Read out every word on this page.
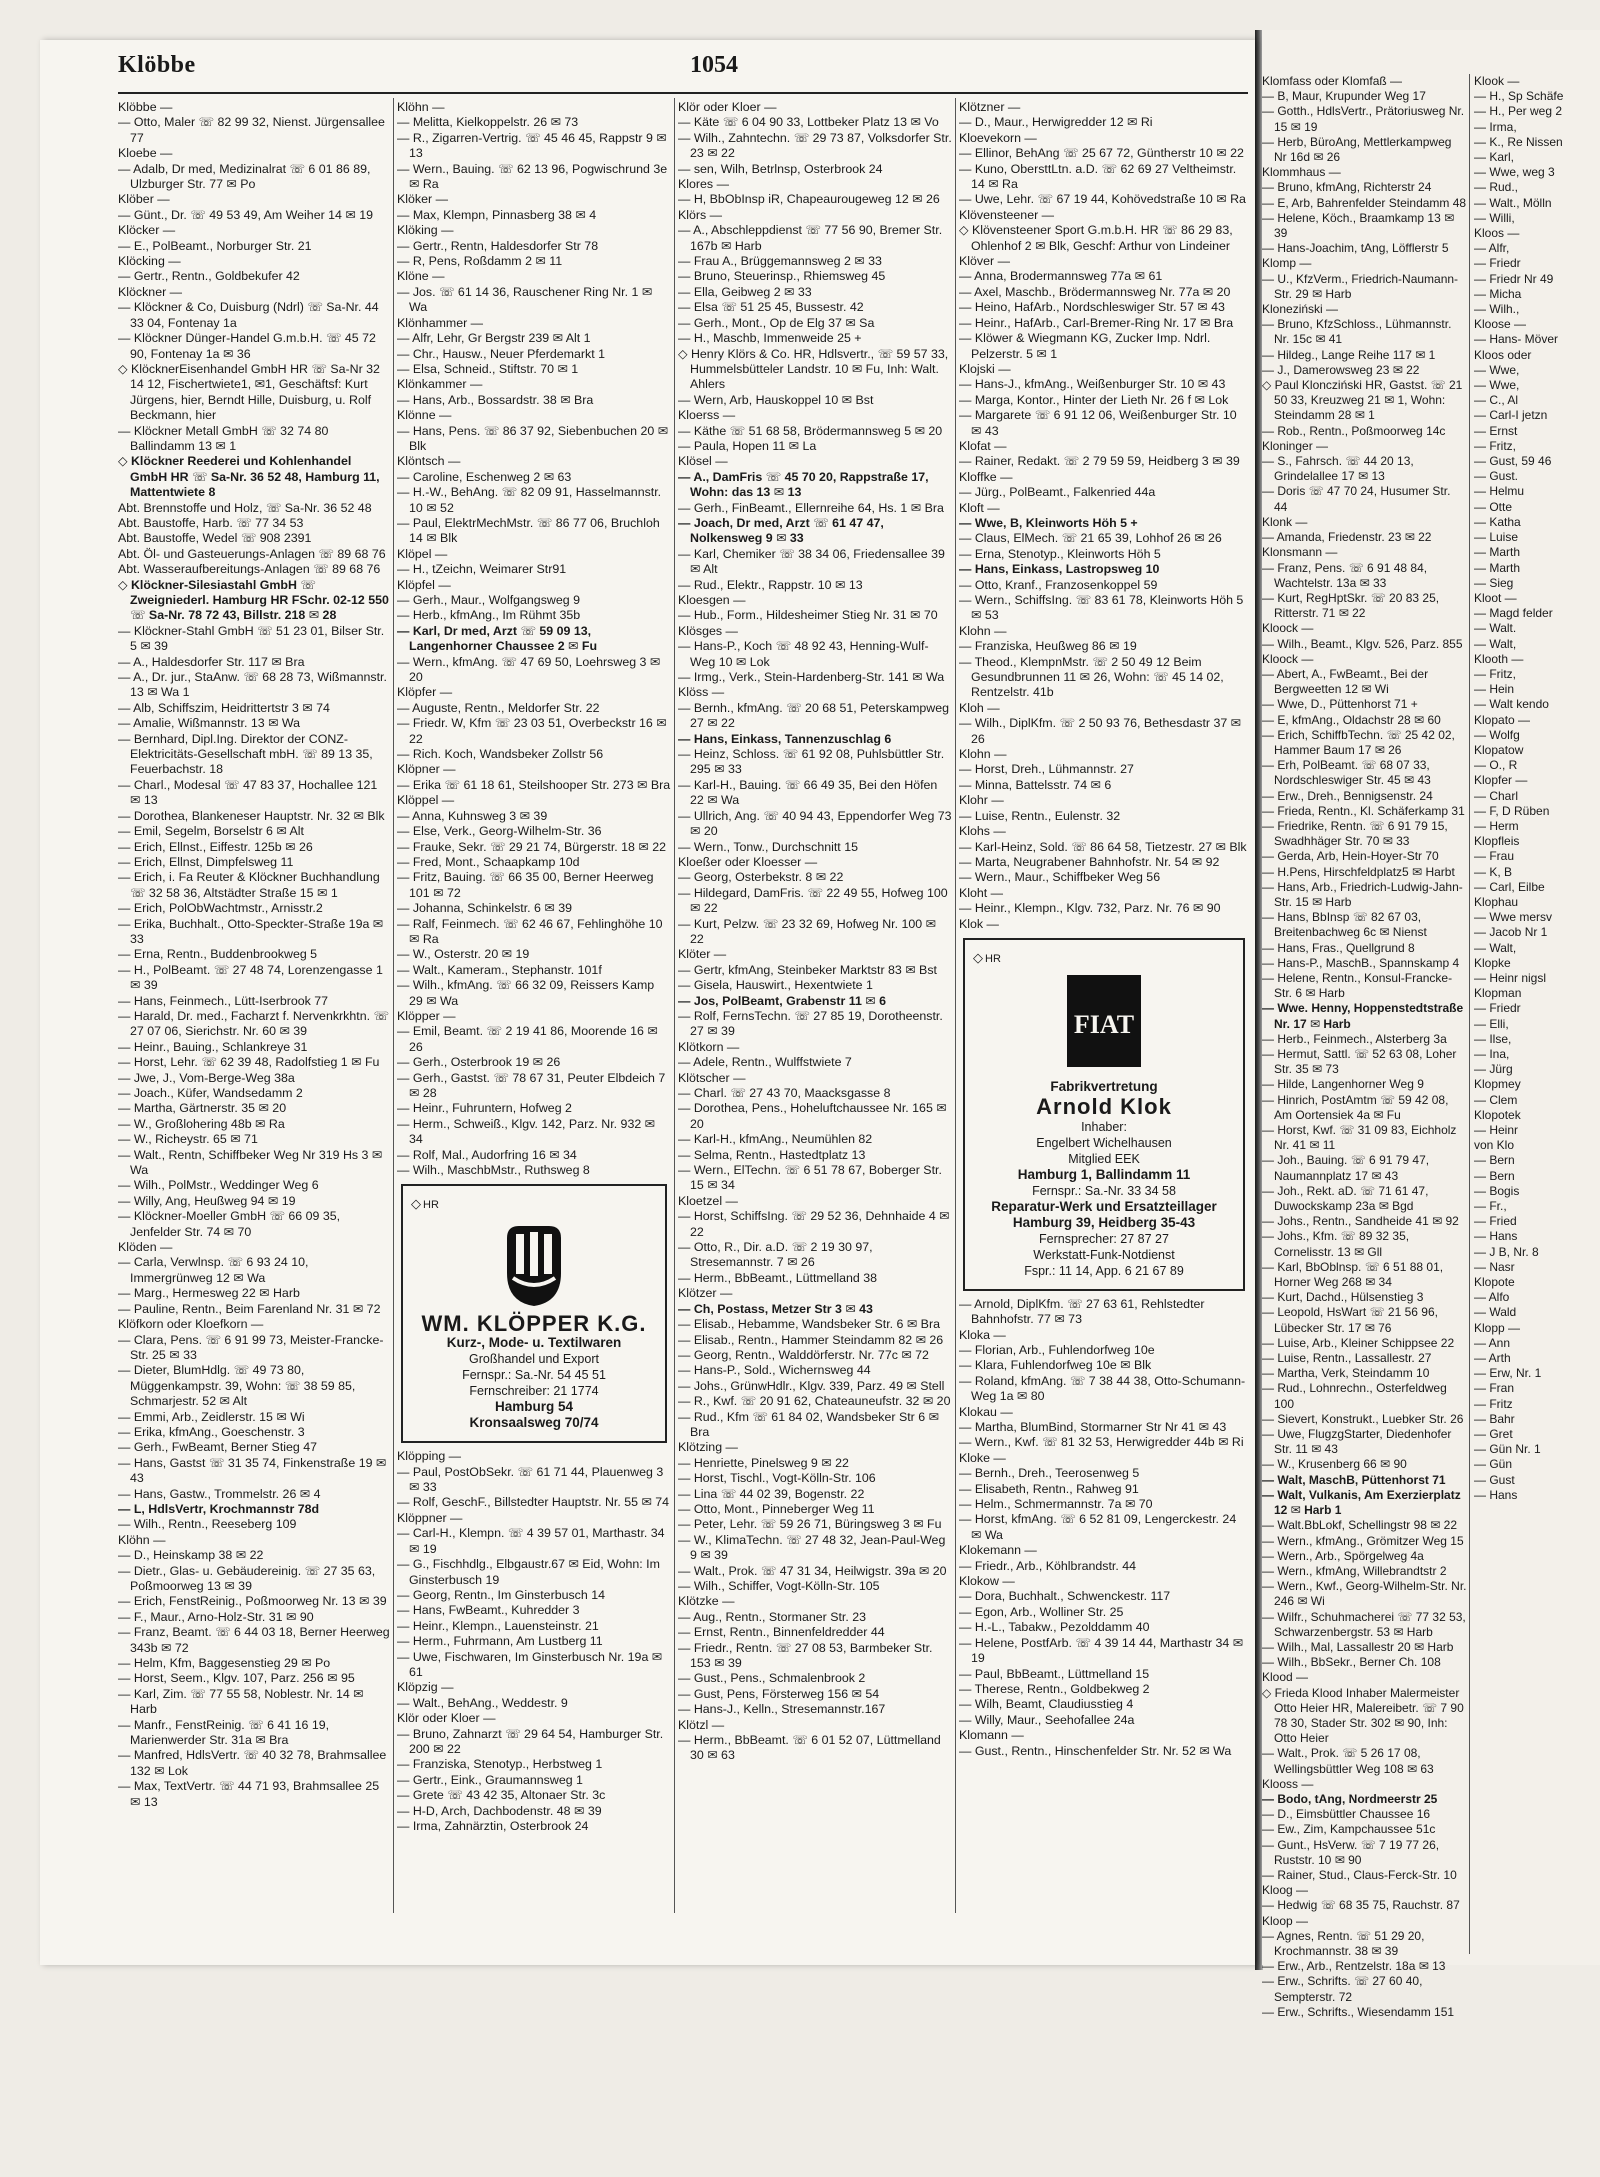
Klomfass oder Klomfaß —

— B, Maur, Krupunder Weg 17

— Gotth., HdlsVertr., Prätoriusweg Nr. 15 ✉ 19

— Herb, BüroAng, Mettlerkampweg Nr 16d ✉ 26

Klommhaus —

— Bruno, kfmAng, Richterstr 24

— E, Arb, Bahrenfelder Steindamm 48

— Helene, Köch., Braamkamp 13 ✉ 39

— Hans-Joachim, tAng, Löfflerstr 5

Klomp —

— U., KfzVerm., Friedrich-Naumann-Str. 29 ✉ Harb

Kloneziński —

— Bruno, KfzSchloss., Lühmannstr. Nr. 15c ✉ 41

— Hildeg., Lange Reihe 117 ✉ 1

— J., Damerowsweg 23 ✉ 22

◇ Paul Kloncziński HR, Gastst. ☏ 21 50 33, Kreuzweg 21 ✉ 1, Wohn: Steindamm 28 ✉ 1

— Rob., Rentn., Poßmoorweg 14c

Kloninger —

— S., Fahrsch. ☏ 44 20 13, Grindelallee 17 ✉ 13

— Doris ☏ 47 70 24, Husumer Str. 44

Klonk —

— Amanda, Friedenstr. 23 ✉ 22

Klonsmann —

— Franz, Pens. ☏ 6 91 48 84, Wachtelstr. 13a ✉ 33

— Kurt, RegHptSkr. ☏ 20 83 25, Ritterstr. 71 ✉ 22

Kloock —

— Wilh., Beamt., Klgv. 526, Parz. 855

Kloock —

— Abert, A., FwBeamt., Bei der Bergweetten 12 ✉ Wi

— Wwe, D., Püttenhorst 71 +

— E, kfmAng., Oldachstr 28 ✉ 60

— Erich, SchiffbTechn. ☏ 25 42 02, Hammer Baum 17 ✉ 26

— Erh, PolBeamt. ☏ 68 07 33, Nordschleswiger Str. 45 ✉ 43

— Erw., Dreh., Bennigsenstr. 24

— Frieda, Rentn., Kl. Schäferkamp 31

— Friedrike, Rentn. ☏ 6 91 79 15, Swadhhäger Str. 70 ✉ 33

— Gerda, Arb, Hein-Hoyer-Str 70

— H.Pens, Hirschfeldplatz5 ✉ Harbt

— Hans, Arb., Friedrich-Ludwig-Jahn-Str. 15 ✉ Harb

— Hans, BbInsp ☏ 82 67 03, Breitenbachweg 6c ✉ Nienst

— Hans, Fras., Quellgrund 8

— Hans-P., MaschB., Spannskamp 4

— Helene, Rentn., Konsul-Francke-Str. 6 ✉ Harb

— Wwe. Henny, Hoppenstedtstraße Nr. 17 ✉ Harb

— Herb., Feinmech., Alsterberg 3a

— Hermut, Sattl. ☏ 52 63 08, Loher Str. 35 ✉ 73

— Hilde, Langenhorner Weg 9

— Hinrich, PostAmtm ☏ 59 42 08, Am Oortensiek 4a ✉ Fu

— Horst, Kwf. ☏ 31 09 83, Eichholz Nr. 41 ✉ 11

— Joh., Bauing. ☏ 6 91 79 47, Naumannplatz 17 ✉ 43

— Joh., Rekt. aD. ☏ 71 61 47, Duwockskamp 23a ✉ Bgd

— Johs., Rentn., Sandheide 41 ✉ 92

— Johs., Kfm. ☏ 89 32 35, Cornelisstr. 13 ✉ Gll

— Karl, BbOblnsp. ☏ 6 51 88 01, Horner Weg 268 ✉ 34

— Kurt, Dachd., Hülsenstieg 3

— Leopold, HsWart ☏ 21 56 96, Lübecker Str. 17 ✉ 76

— Luise, Arb., Kleiner Schippsee 22

— Luise, Rentn., Lassallestr. 27

— Martha, Verk, Steindamm 10

— Rud., Lohnrechn., Osterfeldweg 100

— Sievert, Konstrukt., Luebker Str. 26

— Uwe, FlugzgStarter, Diedenhofer Str. 11 ✉ 43

— W., Krusenberg 66 ✉ 90

— Walt, MaschB, Püttenhorst 71

— Walt, Vulkanis, Am Exerzierplatz 12 ✉ Harb 1

— Walt.BbLokf, Schellingstr 98 ✉ 22

— Wern., kfmAng., Grömitzer Weg 15

— Wern., Arb., Spörgelweg 4a

— Wern., kfmAng, Willebrandtstr 2

— Wern., Kwf., Georg-Wilhelm-Str. Nr. 246 ✉ Wi

— Wilfr., Schuhmacherei ☏ 77 32 53, Schwarzenbergstr. 53 ✉ Harb

— Wilh., Mal, Lassallestr 20 ✉ Harb

— Wilh., BbSekr., Berner Ch. 108

Klood —

◇ Frieda Klood Inhaber Malermeister Otto Heier HR, Malereibetr. ☏ 7 90 78 30, Stader Str. 302 ✉ 90, Inh: Otto Heier

— Walt., Prok. ☏ 5 26 17 08, Wellingsbüttler Weg 108 ✉ 63

Klooss —

— Bodo, tAng, Nordmeerstr 25

— D., Eimsbüttler Chaussee 16

— Ew., Zim, Kampchaussee 51c

— Gunt., HsVerw. ☏ 7 19 77 26, Ruststr. 10 ✉ 90

— Rainer, Stud., Claus-Ferck-Str. 10

Kloog —

— Hedwig ☏ 68 35 75, Rauchstr. 87

Kloop —

— Agnes, Rentn. ☏ 51 29 20, Krochmannstr. 38 ✉ 39

— Erw., Arb., Rentzelstr. 18a ✉ 13

— Erw., Schrifts. ☏ 27 60 40, Sempterstr. 72

— Erw., Schrifts., Wiesendamm 151

Klook —

— H., Sp Schäfe

— H., Per weg 2

— Irma,

— K., Re Nissen

— Karl,

— Wwe, weg 3

— Rud.,

— Walt., Mölln

— Willi,

Kloos —

— Alfr,

— Friedr

— Friedr Nr 49

— Micha

— Wilh.,

Kloose —

— Hans- Möver

Kloos oder

— Wwe,

— Wwe,

— C., Al

— Carl-I jetzn

— Ernst

— Fritz,

— Gust, 59 46

— Gust.

— Helmu

— Otte

— Katha

— Luise

— Marth

— Marth

— Sieg

Kloot —

— Magd felder

— Walt.

— Walt,

Klooth —

— Fritz,

— Hein

— Walt kendo

Klopato —

— Wolfg

Klopatow

— O., R

Klopfer —

— Charl

— F, D Rüben

— Herm

Klopfleis

— Frau

— K, B

— Carl, Eilbe

Klophau

— Wwe mersv

— Jacob Nr 1

— Walt,

Klopke

— Heinr nigsl

Klopman

— Friedr

— Elli,

— Ilse,

— Ina,

— Jürg

Klopmey

— Clem

Klopotek

— Heinr

von Klo

— Bern

— Bern

— Bogis

— Fr.,

— Fried

— Hans

— J B, Nr. 8

— Nasr

Klopote

— Alfo

— Wald

Klopp —

— Ann

— Arth

— Erw, Nr. 1

— Fran

— Fritz

— Bahr

— Gret

— Gün Nr. 1

— Gün

— Gust

— Hans

Klöbbe	1054

Klöbbe —

— Otto, Maler ☏ 82 99 32, Nienst. Jürgensallee 77

Kloebe —

— Adalb, Dr med, Medizinalrat ☏ 6 01 86 89, Ulzburger Str. 77 ✉ Po

Klöber —

— Günt., Dr. ☏ 49 53 49, Am Weiher 14 ✉ 19

Klöcker —

— E., PolBeamt., Norburger Str. 21

Klöcking —

— Gertr., Rentn., Goldbekufer 42

Klöckner —

— Klöckner & Co, Duisburg (Ndrl) ☏ Sa-Nr. 44 33 04, Fontenay 1a

— Klöckner Dünger-Handel G.m.b.H. ☏ 45 72 90, Fontenay 1a ✉ 36

◇ KlöcknerEisenhandel GmbH HR ☏ Sa-Nr 32 14 12, Fischertwiete1, ✉1, Geschäftsf: Kurt Jürgens, hier, Berndt Hille, Duisburg, u. Rolf Beckmann, hier

— Klöckner Metall GmbH ☏ 32 74 80 Ballindamm 13 ✉ 1

◇ Klöckner Reederei und Kohlenhandel GmbH HR ☏ Sa-Nr. 36 52 48, Hamburg 11, Mattentwiete 8

Abt. Brennstoffe und Holz, ☏ Sa-Nr. 36 52 48

Abt. Baustoffe, Harb. ☏ 77 34 53

Abt. Baustoffe, Wedel ☏ 908 2391

Abt. Öl- und Gasteuerungs-Anlagen ☏ 89 68 76

Abt. Wasseraufbereitungs-Anlagen ☏ 89 68 76

◇ Klöckner-Silesiastahl GmbH ☏ Zweigniederl. Hamburg HR FSchr. 02-12 550 ☏ Sa-Nr. 78 72 43, Billstr. 218 ✉ 28

— Klöckner-Stahl GmbH ☏ 51 23 01, Bilser Str. 5 ✉ 39

— A., Haldesdorfer Str. 117 ✉ Bra

— A., Dr. jur., StaAnw. ☏ 68 28 73, Wißmannstr. 13 ✉ Wa 1

— Alb, Schiffszim, Heidrittertstr 3 ✉ 74

— Amalie, Wißmannstr. 13 ✉ Wa

— Bernhard, Dipl.Ing. Direktor der CONZ-Elektricitäts-Gesellschaft mbH. ☏ 89 13 35, Feuerbachstr. 18

— Charl., Modesal ☏ 47 83 37, Hochallee 121 ✉ 13

— Dorothea, Blankeneser Hauptstr. Nr. 32 ✉ Blk

— Emil, Segelm, Borselstr 6 ✉ Alt

— Erich, Ellnst., Eiffestr. 125b ✉ 26

— Erich, Ellnst, Dimpfelsweg 11

— Erich, i. Fa Reuter & Klöckner Buchhandlung ☏ 32 58 36, Altstädter Straße 15 ✉ 1

— Erich, PolObWachtmstr., Arnisstr.2

— Erika, Buchhalt., Otto-Speckter-Straße 19a ✉ 33

— Erna, Rentn., Buddenbrookweg 5

— H., PolBeamt. ☏ 27 48 74, Lorenzengasse 1 ✉ 39

— Hans, Feinmech., Lütt-Iserbrook 77

— Harald, Dr. med., Facharzt f. Nervenkrkhtn. ☏ 27 07 06, Sierichstr. Nr. 60 ✉ 39

— Heinr., Bauing., Schlankreye 31

— Horst, Lehr. ☏ 62 39 48, Radolfstieg 1 ✉ Fu

— Jwe, J., Vom-Berge-Weg 38a

— Joach., Küfer, Wandsedamm 2

— Martha, Gärtnerstr. 35 ✉ 20

— W., Großlohering 48b ✉ Ra

— W., Richeystr. 65 ✉ 71

— Walt., Rentn, Schiffbeker Weg Nr 319 Hs 3 ✉ Wa

— Wilh., PolMstr., Weddinger Weg 6

— Willy, Ang, Heußweg 94 ✉ 19

— Klöckner-Moeller GmbH ☏ 66 09 35, Jenfelder Str. 74 ✉ 70

Klöden —

— Carla, Verwlnsp. ☏ 6 93 24 10, Immergrünweg 12 ✉ Wa

— Marg., Hermesweg 22 ✉ Harb

— Pauline, Rentn., Beim Farenland Nr. 31 ✉ 72

Klöfkorn oder Kloefkorn —

— Clara, Pens. ☏ 6 91 99 73, Meister-Francke-Str. 25 ✉ 33

— Dieter, BlumHdlg. ☏ 49 73 80, Müggenkampstr. 39, Wohn: ☏ 38 59 85, Schmarjestr. 52 ✉ Alt

— Emmi, Arb., Zeidlerstr. 15 ✉ Wi

— Erika, kfmAng., Goeschenstr. 3

— Gerh., FwBeamt, Berner Stieg 47

— Hans, Gastst ☏ 31 35 74, Finkenstraße 19 ✉ 43

— Hans, Gastw., Trommelstr. 26 ✉ 4

— L, HdlsVertr, Krochmannstr 78d

— Wilh., Rentn., Reeseberg 109

Klöhn —

— D., Heinskamp 38 ✉ 22

— Dietr., Glas- u. Gebäudereinig. ☏ 27 35 63, Poßmoorweg 13 ✉ 39

— Erich, FenstReinig., Poßmoorweg Nr. 13 ✉ 39

— F., Maur., Arno-Holz-Str. 31 ✉ 90

— Franz, Beamt. ☏ 6 44 03 18, Berner Heerweg 343b ✉ 72

— Helm, Kfm, Baggesenstieg 29 ✉ Po

— Horst, Seem., Klgv. 107, Parz. 256 ✉ 95

— Karl, Zim. ☏ 77 55 58, Noblestr. Nr. 14 ✉ Harb

— Manfr., FenstReinig. ☏ 6 41 16 19, Marienwerder Str. 31a ✉ Bra

— Manfred, HdlsVertr. ☏ 40 32 78, Brahmsallee 132 ✉ Lok

— Max, TextVertr. ☏ 44 71 93, Brahmsallee 25 ✉ 13

Klöhn —

— Melitta, Kielkoppelstr. 26 ✉ 73

— R., Zigarren-Vertrig. ☏ 45 46 45, Rappstr 9 ✉ 13

— Wern., Bauing. ☏ 62 13 96, Pogwischrund 3e ✉ Ra

Klöker —

— Max, Klempn, Pinnasberg 38 ✉ 4

Klöking —

— Gertr., Rentn, Haldesdorfer Str 78

— R, Pens, Roßdamm 2 ✉ 11

Klöne —

— Jos. ☏ 61 14 36, Rauschener Ring Nr. 1 ✉ Wa

Klönhammer —

— Alfr, Lehr, Gr Bergstr 239 ✉ Alt 1

— Chr., Hausw., Neuer Pferdemarkt 1

— Elsa, Schneid., Stiftstr. 70 ✉ 1

Klönkammer —

— Hans, Arb., Bossardstr. 38 ✉ Bra

Klönne —

— Hans, Pens. ☏ 86 37 92, Siebenbuchen 20 ✉ Blk

Klöntsch —

— Caroline, Eschenweg 2 ✉ 63

— H.-W., BehAng. ☏ 82 09 91, Hasselmannstr. 10 ✉ 52

— Paul, ElektrMechMstr. ☏ 86 77 06, Bruchloh 14 ✉ Blk

Klöpel —

— H., tZeichn, Weimarer Str91

Klöpfel —

— Gerh., Maur., Wolfgangsweg 9

— Herb., kfmAng., Im Rühmt 35b

— Karl, Dr med, Arzt ☏ 59 09 13, Langenhorner Chaussee 2 ✉ Fu

— Wern., kfmAng. ☏ 47 69 50, Loehrsweg 3 ✉ 20

Klöpfer —

— Auguste, Rentn., Meldorfer Str. 22

— Friedr. W, Kfm ☏ 23 03 51, Overbeckstr 16 ✉ 22

— Rich. Koch, Wandsbeker Zollstr 56

Klöpner —

— Erika ☏ 61 18 61, Steilshooper Str. 273 ✉ Bra

Klöppel —

— Anna, Kuhnsweg 3 ✉ 39

— Else, Verk., Georg-Wilhelm-Str. 36

— Frauke, Sekr. ☏ 29 21 74, Bürgerstr. 18 ✉ 22

— Fred, Mont., Schaapkamp 10d

— Fritz, Bauing. ☏ 66 35 00, Berner Heerweg 101 ✉ 72

— Johanna, Schinkelstr. 6 ✉ 39

— Ralf, Feinmech. ☏ 62 46 67, Fehlinghöhe 10 ✉ Ra

— W., Osterstr. 20 ✉ 19

— Walt., Kameram., Stephanstr. 101f

— Wilh., kfmAng. ☏ 66 32 09, Reissers Kamp 29 ✉ Wa

Klöpper —

— Emil, Beamt. ☏ 2 19 41 86, Moorende 16 ✉ 26

— Gerh., Osterbrook 19 ✉ 26

— Gerh., Gastst. ☏ 78 67 31, Peuter Elbdeich 7 ✉ 28

— Heinr., Fuhruntern, Hofweg 2

— Herm., Schweiß., Klgv. 142, Parz. Nr. 932 ✉ 34

— Rolf, Mal., Audorfring 16 ✉ 34

— Wilh., MaschbMstr., Ruthsweg 8

◇ HR
WM. KLÖPPER K.G.
Kurz-, Mode- u. Textilwaren
Großhandel und Export
Fernspr.: Sa.-Nr. 54 45 51
Fernschreiber: 21 1774
Hamburg 54
Kronsaalsweg 70/74

Klöpping —

— Paul, PostObSekr. ☏ 61 71 44, Plauenweg 3 ✉ 33

— Rolf, GeschF., Billstedter Hauptstr. Nr. 55 ✉ 74

Klöppner —

— Carl-H., Klempn. ☏ 4 39 57 01, Marthastr. 34 ✉ 19

— G., Fischhdlg., Elbgaustr.67 ✉ Eid, Wohn: Im Ginsterbusch 19

— Georg, Rentn., Im Ginsterbusch 14

— Hans, FwBeamt., Kuhredder 3

— Heinr., Klempn., Lauensteinstr. 21

— Herm., Fuhrmann, Am Lustberg 11

— Uwe, Fischwaren, Im Ginsterbusch Nr. 19a ✉ 61

Klöpzig —

— Walt., BehAng., Weddestr. 9

Klör oder Kloer —

— Bruno, Zahnarzt ☏ 29 64 54, Hamburger Str. 200 ✉ 22

— Franziska, Stenotyp., Herbstweg 1

— Gertr., Eink., Graumannsweg 1

— Grete ☏ 43 42 35, Altonaer Str. 3c

— H-D, Arch, Dachbodenstr. 48 ✉ 39

— Irma, Zahnärztin, Osterbrook 24

Klör oder Kloer —

— Käte ☏ 6 04 90 33, Lottbeker Platz 13 ✉ Vo

— Wilh., Zahntechn. ☏ 29 73 87, Volksdorfer Str. 23 ✉ 22

— sen, Wilh, Betrlnsp, Osterbrook 24

Klores —

— H, BbObInsp iR, Chapeaurougeweg 12 ✉ 26

Klörs —

— A., Abschleppdienst ☏ 77 56 90, Bremer Str. 167b ✉ Harb

— Frau A., Brüggemannsweg 2 ✉ 33

— Bruno, Steuerinsp., Rhiemsweg 45

— Ella, Geibweg 2 ✉ 33

— Elsa ☏ 51 25 45, Bussestr. 42

— Gerh., Mont., Op de Elg 37 ✉ Sa

— H., Maschb, Immenweide 25 +

◇ Henry Klörs & Co. HR, Hdlsvertr., ☏ 59 57 33, Hummelsbütteler Landstr. 10 ✉ Fu, Inh: Walt. Ahlers

— Wern, Arb, Hauskoppel 10 ✉ Bst

Kloerss —

— Käthe ☏ 51 68 58, Brödermannsweg 5 ✉ 20

— Paula, Hopen 11 ✉ La

Klösel —

— A., DamFris ☏ 45 70 20, Rappstraße 17, Wohn: das 13 ✉ 13

— Gerh., FinBeamt., Ellernreihe 64, Hs. 1 ✉ Bra

— Joach, Dr med, Arzt ☏ 61 47 47, Nolkensweg 9 ✉ 33

— Karl, Chemiker ☏ 38 34 06, Friedensallee 39 ✉ Alt

— Rud., Elektr., Rappstr. 10 ✉ 13

Kloesgen —

— Hub., Form., Hildesheimer Stieg Nr. 31 ✉ 70

Klösges —

— Hans-P., Koch ☏ 48 92 43, Henning-Wulf-Weg 10 ✉ Lok

— Irmg., Verk., Stein-Hardenberg-Str. 141 ✉ Wa

Klöss —

— Bernh., kfmAng. ☏ 20 68 51, Peterskampweg 27 ✉ 22

— Hans, Einkass, Tannenzuschlag 6

— Heinz, Schloss. ☏ 61 92 08, Puhlsbüttler Str. 295 ✉ 33

— Karl-H., Bauing. ☏ 66 49 35, Bei den Höfen 22 ✉ Wa

— Ullrich, Ang. ☏ 40 94 43, Eppendorfer Weg 73 ✉ 20

— Wern., Tonw., Durchschnitt 15

Kloeßer oder Kloesser —

— Georg, Osterbekstr. 8 ✉ 22

— Hildegard, DamFris. ☏ 22 49 55, Hofweg 100 ✉ 22

— Kurt, Pelzw. ☏ 23 32 69, Hofweg Nr. 100 ✉ 22

Klöter —

— Gertr, kfmAng, Steinbeker Marktstr 83 ✉ Bst

— Gisela, Hauswirt., Hexentwiete 1

— Jos, PolBeamt, Grabenstr 11 ✉ 6

— Rolf, FernsTechn. ☏ 27 85 19, Dorotheenstr. 27 ✉ 39

Klötkorn —

— Adele, Rentn., Wulffstwiete 7

Klötscher —

— Charl. ☏ 27 43 70, Maacksgasse 8

— Dorothea, Pens., Hoheluftchaussee Nr. 165 ✉ 20

— Karl-H., kfmAng., Neumühlen 82

— Selma, Rentn., Hastedtplatz 13

— Wern., ElTechn. ☏ 6 51 78 67, Boberger Str. 15 ✉ 34

Kloetzel —

— Horst, SchiffsIng. ☏ 29 52 36, Dehnhaide 4 ✉ 22

— Otto, R., Dir. a.D. ☏ 2 19 30 97, Stresemannstr. 7 ✉ 26

— Herm., BbBeamt., Lüttmelland 38

Klötzer —

— Ch, Postass, Metzer Str 3 ✉ 43

— Elisab., Hebamme, Wandsbeker Str. 6 ✉ Bra

— Elisab., Rentn., Hammer Steindamm 82 ✉ 26

— Georg, Rentn., Walddörferstr. Nr. 77c ✉ 72

— Hans-P., Sold., Wichernsweg 44

— Johs., GrünwHdlr., Klgv. 339, Parz. 49 ✉ Stell

— R., Kwf. ☏ 20 91 62, Chateauneufstr. 32 ✉ 20

— Rud., Kfm ☏ 61 84 02, Wandsbeker Str 6 ✉ Bra

Klötzing —

— Henriette, Pinelsweg 9 ✉ 22

— Horst, Tischl., Vogt-Kölln-Str. 106

— Lina ☏ 44 02 39, Bogenstr. 22

— Otto, Mont., Pinneberger Weg 11

— Peter, Lehr. ☏ 59 26 71, Büringsweg 3 ✉ Fu

— W., KlimaTechn. ☏ 27 48 32, Jean-Paul-Weg 9 ✉ 39

— Walt., Prok. ☏ 47 31 34, Heilwigstr. 39a ✉ 20

— Wilh., Schiffer, Vogt-Kölln-Str. 105

Klötzke —

— Aug., Rentn., Stormaner Str. 23

— Ernst, Rentn., Binnenfeldredder 44

— Friedr., Rentn. ☏ 27 08 53, Barmbeker Str. 153 ✉ 39

— Gust., Pens., Schmalenbrook 2

— Gust, Pens, Försterweg 156 ✉ 54

— Hans-J., Kelln., Stresemannstr.167

Klötzl —

— Herm., BbBeamt. ☏ 6 01 52 07, Lüttmelland 30 ✉ 63

Klötzner —

— D., Maur., Herwigredder 12 ✉ Ri

Kloevekorn —

— Ellinor, BehAng ☏ 25 67 72, Güntherstr 10 ✉ 22

— Kuno, ObersttLtn. a.D. ☏ 62 69 27 Veltheimstr. 14 ✉ Ra

— Uwe, Lehr. ☏ 67 19 44, Kohövedstraße 10 ✉ Ra

Klövensteener —

◇ Klövensteener Sport G.m.b.H. HR ☏ 86 29 83, Ohlenhof 2 ✉ Blk, Geschf: Arthur von Lindeiner

Klöver —

— Anna, Brodermannsweg 77a ✉ 61

— Axel, Maschb., Brödermannsweg Nr. 77a ✉ 20

— Heino, HafArb., Nordschleswiger Str. 57 ✉ 43

— Heinr., HafArb., Carl-Bremer-Ring Nr. 17 ✉ Bra

— Klöwer & Wiegmann KG, Zucker Imp. Ndrl. Pelzerstr. 5 ✉ 1

Klojski —

— Hans-J., kfmAng., Weißenburger Str. 10 ✉ 43

— Marga, Kontor., Hinter der Lieth Nr. 26 f ✉ Lok

— Margarete ☏ 6 91 12 06, Weißenburger Str. 10 ✉ 43

Klofat —

— Rainer, Redakt. ☏ 2 79 59 59, Heidberg 3 ✉ 39

Kloffke —

— Jürg., PolBeamt., Falkenried 44a

Kloft —

— Wwe, B, Kleinworts Höh 5 +

— Claus, ElMech. ☏ 21 65 39, Lohhof 26 ✉ 26

— Erna, Stenotyp., Kleinworts Höh 5

— Hans, Einkass, Lastropsweg 10

— Otto, Kranf., Franzosenkoppel 59

— Wern., SchiffsIng. ☏ 83 61 78, Kleinworts Höh 5 ✉ 53

Klohn —

— Franziska, Heußweg 86 ✉ 19

— Theod., KlempnMstr. ☏ 2 50 49 12 Beim Gesundbrunnen 11 ✉ 26, Wohn: ☏ 45 14 02, Rentzelstr. 41b

Kloh —

— Wilh., DiplKfm. ☏ 2 50 93 76, Bethesdastr 37 ✉ 26

Klohn —

— Horst, Dreh., Lühmannstr. 27

— Minna, Battelsstr. 74 ✉ 6

Klohr —

— Luise, Rentn., Eulenstr. 32

Klohs —

— Karl-Heinz, Sold. ☏ 86 64 58, Tietzestr. 27 ✉ Blk

— Marta, Neugrabener Bahnhofstr. Nr. 54 ✉ 92

— Wern., Maur., Schiffbeker Weg 56

Kloht —

— Heinr., Klempn., Klgv. 732, Parz. Nr. 76 ✉ 90

Klok —

◇ HR
FIAT
Fabrikvertretung
Arnold Klok
Inhaber:
Engelbert Wichelhausen
Mitglied EEK
Hamburg 1, Ballindamm 11
Fernspr.: Sa.-Nr. 33 34 58
Reparatur-Werk und Ersatzteillager
Hamburg 39, Heidberg 35-43
Fernsprecher: 27 87 27
Werkstatt-Funk-Notdienst
Fspr.: 11 14, App. 6 21 67 89

— Arnold, DiplKfm. ☏ 27 63 61, Rehlstedter Bahnhofstr. 77 ✉ 73

Kloka —

— Florian, Arb., Fuhlendorfweg 10e

— Klara, Fuhlendorfweg 10e ✉ Blk

— Roland, kfmAng. ☏ 7 38 44 38, Otto-Schumann-Weg 1a ✉ 80

Klokau —

— Martha, BlumBind, Stormarner Str Nr 41 ✉ 43

— Wern., Kwf. ☏ 81 32 53, Herwigredder 44b ✉ Ri

Kloke —

— Bernh., Dreh., Teerosenweg 5

— Elisabeth, Rentn., Rahweg 91

— Helm., Schmermannstr. 7a ✉ 70

— Horst, kfmAng. ☏ 6 52 81 09, Lengerckestr. 24 ✉ Wa

Klokemann —

— Friedr., Arb., Köhlbrandstr. 44

Klokow —

— Dora, Buchhalt., Schwenckestr. 117

— Egon, Arb., Wolliner Str. 25

— H.-L., Tabakw., Pezolddamm 40

— Helene, PostfArb. ☏ 4 39 14 44, Marthastr 34 ✉ 19

— Paul, BbBeamt., Lüttmelland 15

— Therese, Rentn., Goldbekweg 2

— Wilh, Beamt, Claudiusstieg 4

— Willy, Maur., Seehofallee 24a

Klomann —

— Gust., Rentn., Hinschenfelder Str. Nr. 52 ✉ Wa
